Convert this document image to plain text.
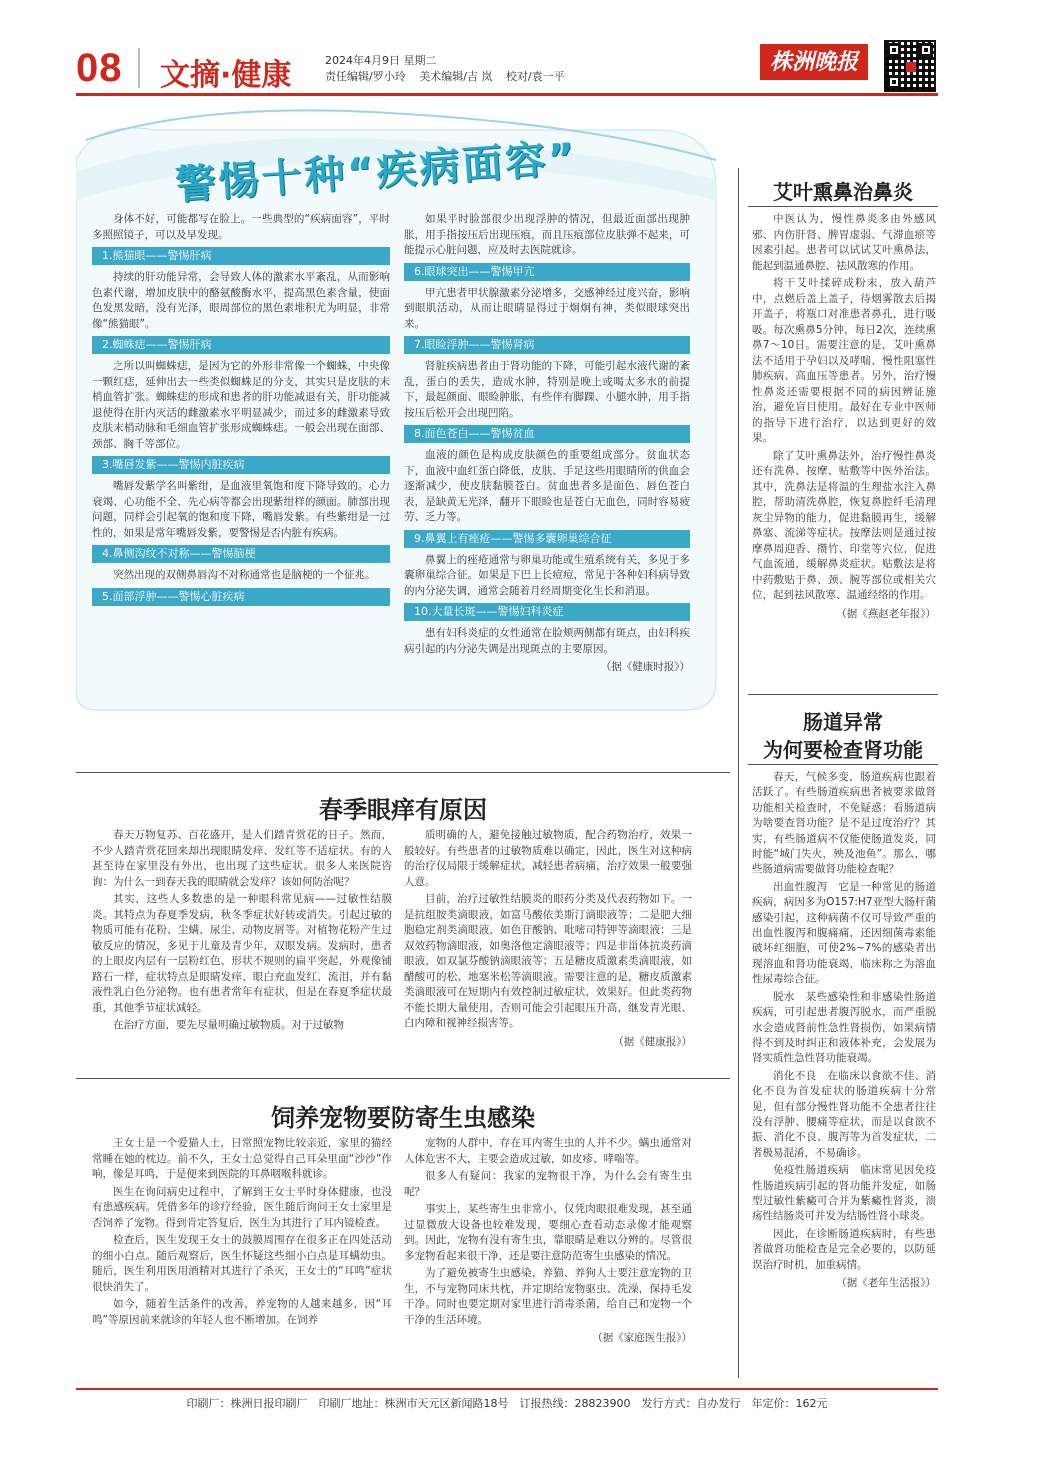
08 文摘·健康	2024年4月9日 星期二
责任编辑/罗小玲 美术编辑/吉 岚 校对/袁一平
株洲晚报
警惕十种“疾病面容”

身体不好，可能都写在脸上。一些典型的“疾病面容”，平时多照照镜子，可以及早发现。

1.熊猫眼——警惕肝病

持续的肝功能异常，会导致人体的激素水平紊乱，从而影响色素代谢，增加皮肤中的酪氨酸酶水平，提高黑色素含量，使面色发黑发暗，没有光泽，眼周部位的黑色素堆积尤为明显，非常像“熊猫眼”。

2.蜘蛛痣——警惕肝病

之所以叫蜘蛛痣，是因为它的外形非常像一个蜘蛛，中央像一颗红痣，延伸出去一些类似蜘蛛足的分支，其实只是皮肤的末梢血管扩张。蜘蛛痣的形成和患者的肝功能减退有关，肝功能减退使得在肝内灭活的雌激素水平明显减少，而过多的雌激素导致皮肤末梢动脉和毛细血管扩张形成蜘蛛痣。一般会出现在面部、颈部、胸千等部位。

3.嘴唇发紫——警惕内脏疾病

嘴唇发紫学名叫紫绀，是血液里氧饱和度下降导致的。心力衰竭、心功能不全、先心病等都会出现紫绀样的颜面。肺部出现问题，同样会引起氧的饱和度下降，嘴唇发紫。有些紫绀是一过性的，如果是常年嘴唇发紫，要警惕是否内脏有疾病。

4.鼻侧沟纹不对称——警惕脑梗

突然出现的双侧鼻唇沟不对称通常也是脑梗的一个征兆。

5.面部浮肿——警惕心脏疾病

如果平时脸部很少出现浮肿的情况，但最近面部出现肿胀，用手指按压后出现压痕，而且压痕部位皮肤弹不起来，可能提示心脏问题，应及时去医院就诊。

6.眼球突出——警惕甲亢

甲亢患者甲状腺激素分泌增多，交感神经过度兴奋，影响到眼肌活动，从而让眼睛显得过于炯炯有神，类似眼球突出来。

7.眼睑浮肿——警惕肾病

肾脏疾病患者由于肾功能的下降，可能引起水液代谢的紊乱，蛋白的丢失，造成水肿，特别是晚上或喝太多水的前提下，最起颜面、眼睑肿胀，有些伴有脚踝、小腿水肿，用手指按压后松开会出现凹陷。

8.面色苍白——警惕贫血

血液的颜色是构成皮肤颜色的重要组成部分。贫血状态下，血液中血红蛋白降低，皮肤、手足这些用眼睛所的供血会逐渐减少，使皮肤黏膜苍白。贫血患者多是面色、唇色苍白表，是缺黄无光泽，翻开下眼睑也是苍白无血色，同时容易疲劳、乏力等。

9.鼻翼上有痤疮——警惕多囊卵巢综合征

鼻翼上的痤疮通常与卵巢功能或生殖系统有关，多见于多囊卵巢综合征。如果是下巴上长痘痘，常见于各种妇科病导致的内分泌失调，通常会随着月经周期变化生长和消退。

10.大量长斑——警惕妇科炎症

患有妇科炎症的女性通常在脸颊两侧都有斑点，由妇科疾病引起的内分泌失调是出现斑点的主要原因。

（据《健康时报》）
艾叶熏鼻治鼻炎

中医认为，慢性鼻炎多由外感风邪、内伤肝肾、脾胃虚弱、气滞血瘀等因素引起。患者可以试试艾叶熏鼻法，能起到温通鼻腔、祛风散寒的作用。

将干艾叶揉碎成粉末，放入葫芦中，点燃后盖上盖子，待烟雾散去后揭开盖子，将瓶口对准患者鼻孔，进行吸吸。每次熏鼻5分钟，每日2次，连续熏鼻7～10日。需要注意的是，艾叶熏鼻法不适用于孕妇以及哮喘、慢性阻塞性肺疾病、高血压等患者。另外，治疗慢性鼻炎还需要根据不同的病因辨证施治，避免盲目使用。最好在专业中医师的指导下进行治疗，以达到更好的效果。

除了艾叶熏鼻法外，治疗慢性鼻炎还有洗鼻、按摩、贴敷等中医外治法。其中，洗鼻法是将温的生理盐水注入鼻腔，帮助清洗鼻腔，恢复鼻腔纤毛清理灰尘异物的能力，促进黏膜再生，缓解鼻塞、流涕等症状。按摩法则是通过按摩鼻周迎香、攒竹、印堂等穴位，促进气血流通，缓解鼻炎症状。贴敷法是将中药敷贴于鼻、颈、腕等部位或相关穴位，起到祛风散寒、温通经络的作用。

（据《燕赵老年报》）
肠道异常
为何要检查肾功能

春天，气候多变，肠道疾病也跟着活跃了。有些肠道疾病患者被要求做肾功能相关检查时，不免疑惑：看肠道病为啥要查肾功能？是不是过度治疗？其实，有些肠道病不仅能使肠道发炎，同时能“城门失火，殃及池鱼”。那么，哪些肠道病需要做肾功能检查呢？

出血性腹泻　它是一种常见的肠道疾病，病因多为O157:H7亚型大肠杆菌感染引起，这种病菌不仅可导致严重的出血性腹泻和腹痛痛，还因细菌毒素能破坏红细胞，可使2%~7%的感染者出现溶血和肾功能衰竭，临床称之为溶血性尿毒综合征。

脱水　某些感染性和非感染性肠道疾病，可引起患者腹泻脱水，而严重脱水会造成肾前性急性肾损伤，如果病情得不到及时纠正和液体补充，会发展为肾实质性急性肾功能衰竭。

消化不良　在临床以食欲不佳、消化不良为首发症状的肠道疾病十分常见，但有部分慢性肾功能不全患者往往没有浮肿、腰痛等症状，而是以食欲不振、消化不良、腹泻等为首发症状，二者极易混淆，不易确诊。

免疫性肠道疾病　临床常见因免疫性肠道疾病引起的肾功能并发症，如肠型过敏性紫癜可合并为紫癜性肾炎，溃疡性结肠炎可并发为结肠性肾小球炎。

因此，在诊断肠道疾病时，有些患者做肾功能检查是完全必要的，以防延误治疗时机，加重病情。

（据《老年生活报》）
春季眼痒有原因

春天万物复苏、百花盛开，是人们踏青赏花的日子。然而，不少人踏青赏花回来却出现眼睛发痒、发红等不适症状。有的人甚至待在家里没有外出，也出现了这些症状。很多人来医院咨询：为什么一到春天我的眼睛就会发痒？该如何防治呢？

其实，这些人多数患的是一种眼科常见病——过敏性结膜炎。其特点为春夏季发病，秋冬季症状好转或消失。引起过敏的物质可能有花粉、尘螨、尿尘、动物皮屑等。对植物花粉产生过敏反应的情况，多见于儿童及青少年，双眼发病。发病时，患者的上眼皮内层有一层粉红色、形状不规则的扁平突起，外观像铺路石一样，症状特点是眼睛发痒、眼白充血发红、流泪，并有黏液性乳白色分泌物。也有患者常年有症状，但是在春夏季症状最重，其他季节症状减轻。

在治疗方面，要先尽量明确过敏物质。对于过敏物

质明确的人，避免接触过敏物质，配合药物治疗，效果一般较好。有些患者的过敏物质难以确定，因此，医生对这种病的治疗仅局限于缓解症状，减轻患者病痛，治疗效果一般要强人意。

目前，治疗过敏性结膜炎的眼药分类及代表药物如下。一是抗组胺类滴眼液，如富马酸依美斯汀滴眼液等；二是肥大细胞稳定剂类滴眼液，如色苷酸钠、吡嘧司特钾等滴眼液；三是双效药物滴眼液，如奥洛他定滴眼液等；四是非甾体抗炎药滴眼液，如双氯芬酸钠滴眼液等；五是糖皮质激素类滴眼液，如醋酸可的松、地塞米松等滴眼液。需要注意的是，糖皮质激素类滴眼液可在短期内有效控制过敏症状，效果好。但此类药物不能长期大量使用，否则可能会引起眼压升高，继发青光眼、白内障和视神经损害等。

（据《健康报》）
饲养宠物要防寄生虫感染

王女士是一个爱猫人士，日常照宠物比较亲近，家里的猫经常睡在她的枕边。前不久，王女士总觉得自己耳朵里面“沙沙”作响，像是耳鸣，于是便来到医院的耳鼻咽喉科就诊。

医生在询问病史过程中，了解到王女士平时身体健康，也没有患感疾病。凭借多年的诊疗经验，医生随后询问王女士家里是否饲养了宠物。得到肯定答复后，医生为其进行了耳内镜检查。

检查后，医生发现王女士的鼓膜周围存在很多正在四处活动的细小白点。随后观察后，医生怀疑这些细小白点是耳螨幼虫。随后，医生利用医用酒精对其进行了杀灭，王女士的“耳鸣”症状很快消失了。

如今，随着生活条件的改善，养宠物的人越来越多，因“耳鸣”等原因前来就诊的年轻人也不断增加。在饲养

宠物的人群中，存在耳内寄生虫的人并不少。螨虫通常对人体危害不大，主要会造成过敏，如皮疹、哮喘等。

很多人有疑问：我家的宠物很干净，为什么会有寄生虫呢？

事实上，某些寄生虫非常小，仅凭肉眼很难发现，甚至通过显微放大设备也较难发现，要细心查看动态录像才能观察到。因此，宠物有没有寄生虫，靠眼睛是难以分辨的。尽管很多宠物看起来很干净，还是要注意防范寄生虫感染的情况。

为了避免被寄生虫感染，养猫、养狗人士要注意宠物的卫生，不与宠物同床共枕，并定期给宠物驱虫、洗澡，保持毛发干净。同时也要定期对家里进行消毒杀菌，给自己和宠物一个干净的生活环境。

（据《家庭医生报》）
印刷厂：株洲日报印刷厂　印刷厂地址：株洲市天元区新闻路18号　订报热线：28823900　发行方式：自办发行　年定价：162元
